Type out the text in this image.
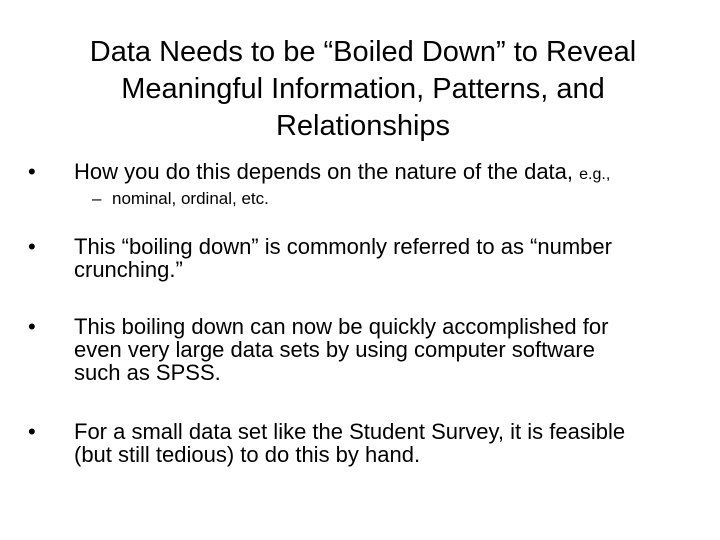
Data Needs to be “Boiled Down” to Reveal
Meaningful Information, Patterns, and
Relationships
• How you do this depends on the nature of the data, e.g.,
– nominal, ordinal, etc.
• This “boiling down” is commonly referred to as “number
crunching.”
• This boiling down can now be quickly accomplished for
even very large data sets by using computer software
such as SPSS.
• For a small data set like the Student Survey, it is feasible
(but still tedious) to do this by hand.
